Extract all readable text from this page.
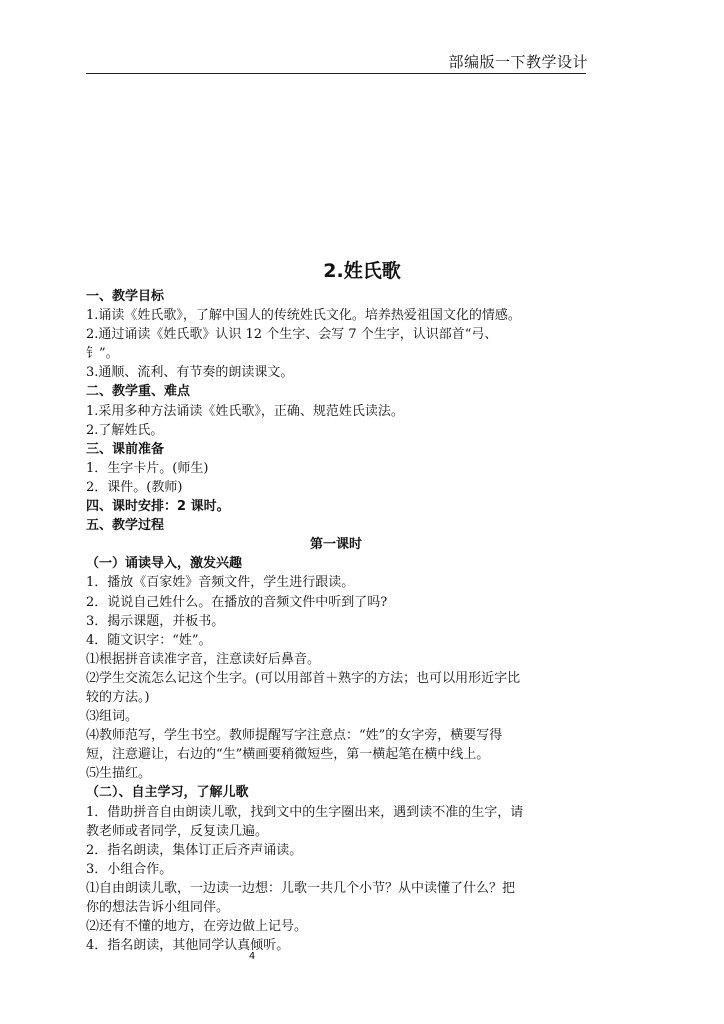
部编版一下教学设计
2.姓氏歌
一、教学目标
1.诵读《姓氏歌》，了解中国人的传统姓氏文化。培养热爱祖国文化的情感。
2.通过诵读《姓氏歌》认识 12 个生字、会写 7 个生字，认识部首“弓、
钅”。
3.通顺、流利、有节奏的朗读课文。
二、教学重、难点
1.采用多种方法诵读《姓氏歌》，正确、规范姓氏读法。
2.了解姓氏。
三、课前准备
1．生字卡片。(师生)
2．课件。(教师)
四、课时安排：2 课时。
五、教学过程
第一课时
（一）诵读导入，激发兴趣
1．播放《百家姓》音频文件，学生进行跟读。
2．说说自己姓什么。在播放的音频文件中听到了吗?
3．揭示课题，并板书。
4．随文识字：“姓”。
⑴根据拼音读准字音，注意读好后鼻音。
⑵学生交流怎么记这个生字。(可以用部首＋熟字的方法；也可以用形近字比
较的方法。)
⑶组词。
⑷教师范写，学生书空。教师提醒写字注意点：“姓”的女字旁，横要写得
短，注意避让，右边的“生”横画要稍微短些，第一横起笔在横中线上。
⑸生描红。
（二）、自主学习，了解儿歌
1．借助拼音自由朗读儿歌，找到文中的生字圈出来，遇到读不准的生字，请
教老师或者同学，反复读几遍。
2．指名朗读，集体订正后齐声诵读。
3．小组合作。
⑴自由朗读儿歌，一边读一边想：儿歌一共几个小节？从中读懂了什么？把
你的想法告诉小组同伴。
⑵还有不懂的地方，在旁边做上记号。
4．指名朗读，其他同学认真倾听。
4
